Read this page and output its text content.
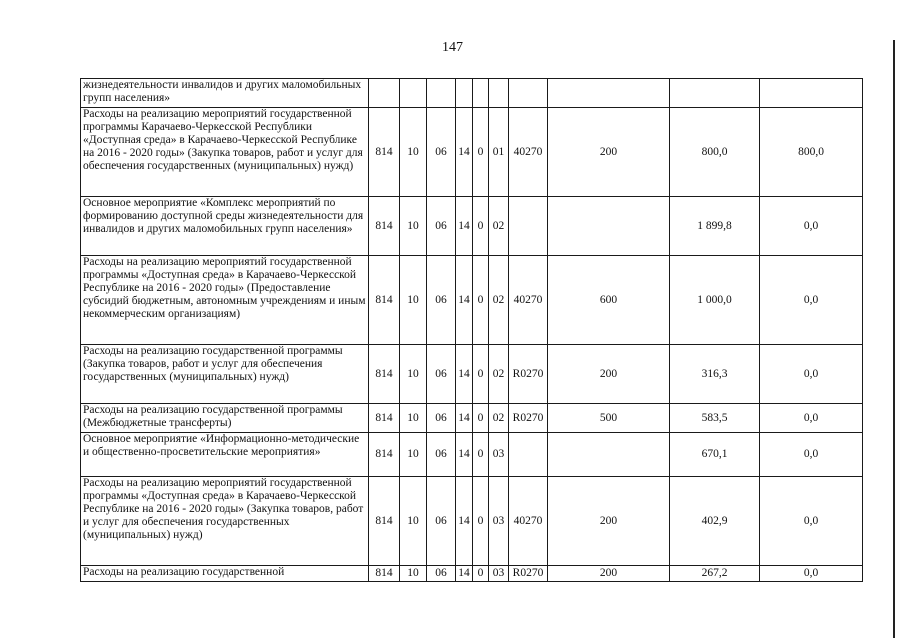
147
жизнедеятельности инвалидов и других маломобильных групп населения»											
Расходы на реализацию мероприятий государственной программы Карачаево-Черкесской Республики «Доступная среда» в Карачаево-Черкесской Республике на 2016 - 2020 годы» (Закупка товаров, работ и услуг для обеспечения государственных (муниципальных) нужд)	814	10	06	14	0	01	40270	200	800,0	800,0	
Основное мероприятие «Комплекс мероприятий по формированию доступной среды жизнедеятельности для инвалидов и других маломобильных групп населения»	814	10	06	14	0	02			1 899,8	0,0	
Расходы на реализацию мероприятий государственной программы «Доступная среда» в Карачаево-Черкесской Республике на 2016 - 2020 годы» (Предоставление субсидий бюджетным, автономным учреждениям и иным некоммерческим организациям)	814	10	06	14	0	02	40270	600	1 000,0	0,0	
Расходы на реализацию государственной программы (Закупка товаров, работ и услуг для обеспечения государственных (муниципальных) нужд)	814	10	06	14	0	02	R0270	200	316,3	0,0	
Расходы на реализацию государственной программы (Межбюджетные трансферты)	814	10	06	14	0	02	R0270	500	583,5	0,0	
Основное мероприятие «Информационно-методические и общественно-просветительские мероприятия»	814	10	06	14	0	03			670,1	0,0	
Расходы на реализацию мероприятий государственной программы «Доступная среда» в Карачаево-Черкесской Республике на 2016 - 2020 годы» (Закупка товаров, работ и услуг для обеспечения государственных (муниципальных) нужд)	814	10	06	14	0	03	40270	200	402,9	0,0	
Расходы на реализацию государственной	814	10	06	14	0	03	R0270	200	267,2	0,0	
